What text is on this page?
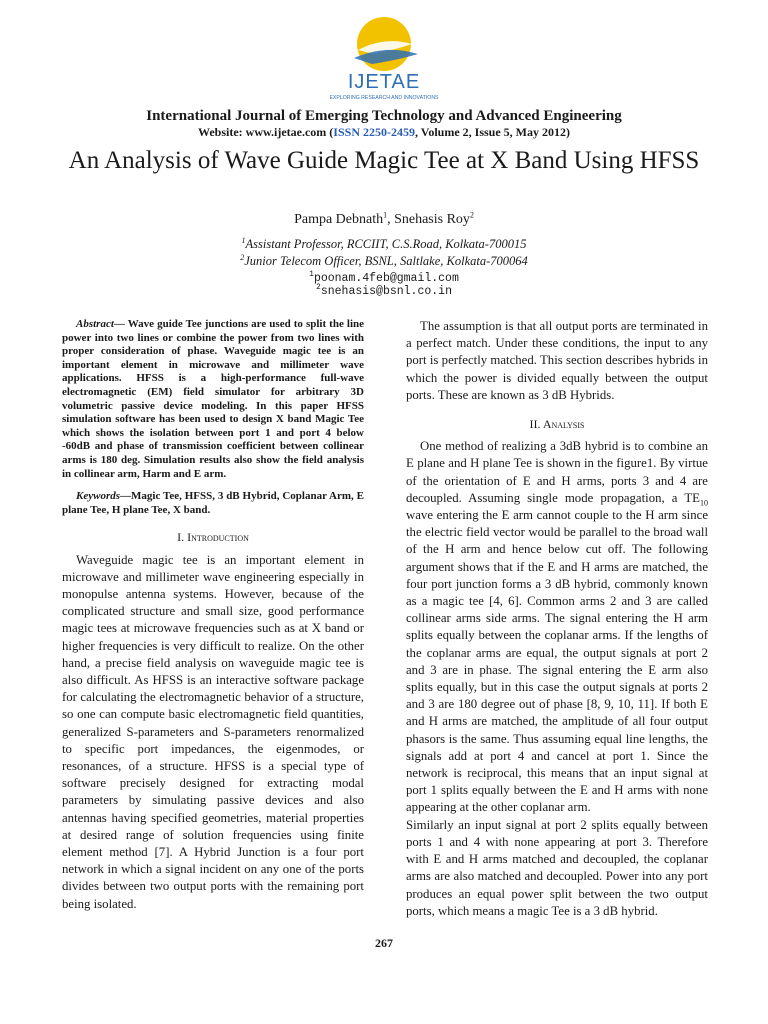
IJETAE
EXPLORING RESEARCH AND INNOVATIONS
International Journal of Emerging Technology and Advanced Engineering
Website: www.ijetae.com (ISSN 2250-2459, Volume 2, Issue 5, May 2012)
An Analysis of Wave Guide Magic Tee at X Band Using HFSS
Pampa Debnath$^1$, Snehasis Roy$^2$
$^1$Assistant Professor, RCCIIT, C.S.Road, Kolkata-700015
$^2$Junior Telecom Officer, BSNL, Saltlake, Kolkata-700064
$^1$poonam.4feb@gmail.com
$^2$snehasis@bsnl.co.in

Abstract— Wave guide Tee junctions are used to split the line power into two lines or combine the power from two lines with proper consideration of phase. Waveguide magic tee is an important element in microwave and millimeter wave applications. HFSS is a high-performance full-wave electromagnetic (EM) field simulator for arbitrary 3D volumetric passive device modeling. In this paper HFSS simulation software has been used to design X band Magic Tee which shows the isolation between port 1 and port 4 below -60dB and phase of transmission coefficient between collinear arms is 180 deg. Simulation results also show the field analysis in collinear arm, Harm and E arm.

Keywords—Magic Tee, HFSS, 3 dB Hybrid, Coplanar Arm, E plane Tee, H plane Tee, X band.

I. Introduction

Waveguide magic tee is an important element in microwave and millimeter wave engineering especially in monopulse antenna systems. However, because of the complicated structure and small size, good performance magic tees at microwave frequencies such as at X band or higher frequencies is very difficult to realize. On the other hand, a precise field analysis on waveguide magic tee is also difficult. As HFSS is an interactive software package for calculating the electromagnetic behavior of a structure, so one can compute basic electromagnetic field quantities, generalized S-parameters and S-parameters renormalized to specific port impedances, the eigenmodes, or resonances, of a structure. HFSS is a special type of software precisely designed for extracting modal parameters by simulating passive devices and also antennas having specified geometries, material properties at desired range of solution frequencies using finite element method [7]. A Hybrid Junction is a four port network in which a signal incident on any one of the ports divides between two output ports with the remaining port being isolated.

The assumption is that all output ports are terminated in a perfect match. Under these conditions, the input to any port is perfectly matched. This section describes hybrids in which the power is divided equally between the output ports. These are known as 3 dB Hybrids.

II. Analysis

One method of realizing a 3dB hybrid is to combine an E plane and H plane Tee is shown in the figure1. By virtue of the orientation of E and H arms, ports 3 and 4 are decoupled. Assuming single mode propagation, a $TE_{10}$ wave entering the E arm cannot couple to the H arm since the electric field vector would be parallel to the broad wall of the H arm and hence below cut off. The following argument shows that if the E and H arms are matched, the four port junction forms a 3 dB hybrid, commonly known as a magic tee [4, 6]. Common arms 2 and 3 are called collinear arms side arms. The signal entering the H arm splits equally between the coplanar arms. If the lengths of the coplanar arms are equal, the output signals at port 2 and 3 are in phase. The signal entering the E arm also splits equally, but in this case the output signals at ports 2 and 3 are 180 degree out of phase [8, 9, 10, 11]. If both E and H arms are matched, the amplitude of all four output phasors is the same. Thus assuming equal line lengths, the signals add at port 4 and cancel at port 1. Since the network is reciprocal, this means that an input signal at port 1 splits equally between the E and H arms with none appearing at the other coplanar arm.

Similarly an input signal at port 2 splits equally between ports 1 and 4 with none appearing at port 3. Therefore with E and H arms matched and decoupled, the coplanar arms are also matched and decoupled. Power into any port produces an equal power split between the two output ports, which means a magic Tee is a 3 dB hybrid.

267
